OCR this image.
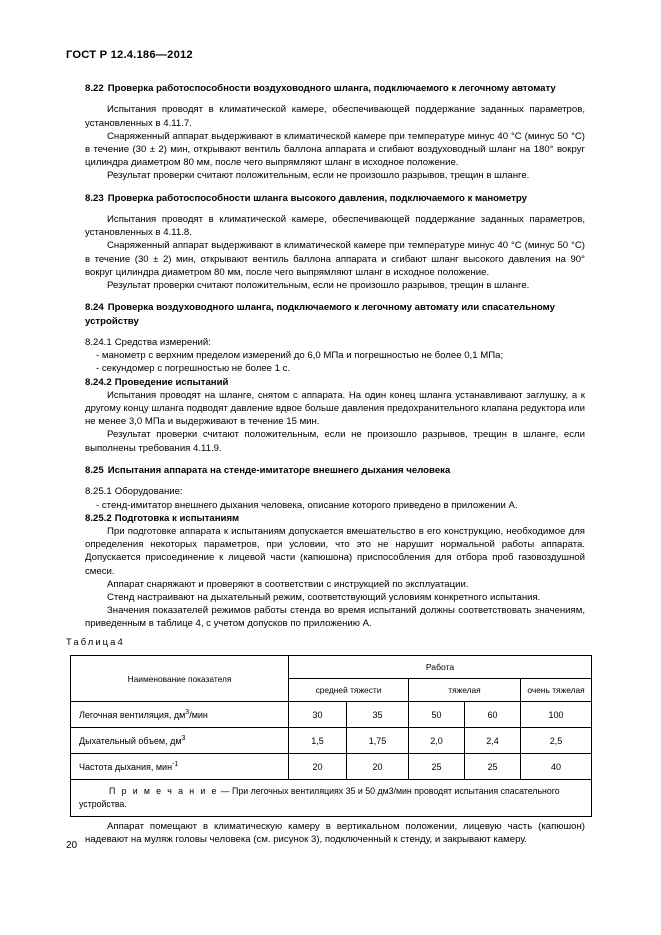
ГОСТ Р 12.4.186—2012
8.22 Проверка работоспособности воздуховодного шланга, подключаемого к легочному автомату

Испытания проводят в климатической камере, обеспечивающей поддержание заданных параметров, установленных в 4.11.7.

Снаряженный аппарат выдерживают в климатической камере при температуре минус 40 °С (минус 50 °С) в течение (30 ± 2) мин, открывают вентиль баллона аппарата и сгибают воздуховодный шланг на 180° вокруг цилиндра диаметром 80 мм, после чего выпрямляют шланг в исходное положение.

Результат проверки считают положительным, если не произошло разрывов, трещин в шланге.

8.23 Проверка работоспособности шланга высокого давления, подключаемого к манометру

Испытания проводят в климатической камере, обеспечивающей поддержание заданных параметров, установленных в 4.11.8.

Снаряженный аппарат выдерживают в климатической камере при температуре минус 40 °С (минус 50 °С) в течение (30 ± 2) мин, открывают вентиль баллона аппарата и сгибают шланг высокого давления на 90° вокруг цилиндра диаметром 80 мм, после чего выпрямляют шланг в исходное положение.

Результат проверки считают положительным, если не произошло разрывов, трещин в шланге.

8.24 Проверка воздуховодного шланга, подключаемого к легочному автомату или спасательному устройству

8.24.1 Средства измерений:

- манометр с верхним пределом измерений до 6,0 МПа и погрешностью не более 0,1 МПа;

- секундомер с погрешностью не более 1 с.

8.24.2 Проведение испытаний

Испытания проводят на шланге, снятом с аппарата. На один конец шланга устанавливают заглушку, а к другому концу шланга подводят давление вдвое больше давления предохранительного клапана редуктора или не менее 3,0 МПа и выдерживают в течение 15 мин.

Результат проверки считают положительным, если не произошло разрывов, трещин в шланге, если выполнены требования 4.11.9.

8.25 Испытания аппарата на стенде-имитаторе внешнего дыхания человека

8.25.1 Оборудование:

- стенд-имитатор внешнего дыхания человека, описание которого приведено в приложении А.

8.25.2 Подготовка к испытаниям

При подготовке аппарата к испытаниям допускается вмешательство в его конструкцию, необходимое для определения некоторых параметров, при условии, что это не нарушит нормальной работы аппарата. Допускается присоединение к лицевой части (капюшона) приспособления для отбора проб газовоздушной смеси.

Аппарат снаряжают и проверяют в соответствии с инструкцией по эксплуатации.

Стенд настраивают на дыхательный режим, соответствующий условиям конкретного испытания.

Значения показателей режимов работы стенда во время испытаний должны соответствовать значениям, приведенным в таблице 4, с учетом допусков по приложению А.

Таблица4
Наименование показателя	Работа				
	средней тяжести		тяжелая		очень тяжелая
Легочная вентиляция, $дм^3$/мин	30	35	50	60	100
Дыхательный объем, $дм^3$	1,5	1,75	2,0	2,4	2,5
Частота дыхания, мин$^{-1}$	20	20	25	25	40
П р и м е ч а н и е — При легочных вентиляциях 35 и 50 дм3/мин проводят испытания спасательного устройства.					

Аппарат помещают в климатическую камеру в вертикальном положении, лицевую часть (капюшон) надевают на муляж головы человека (см. рисунок 3), подключенный к стенду, и закрывают камеру.

20
